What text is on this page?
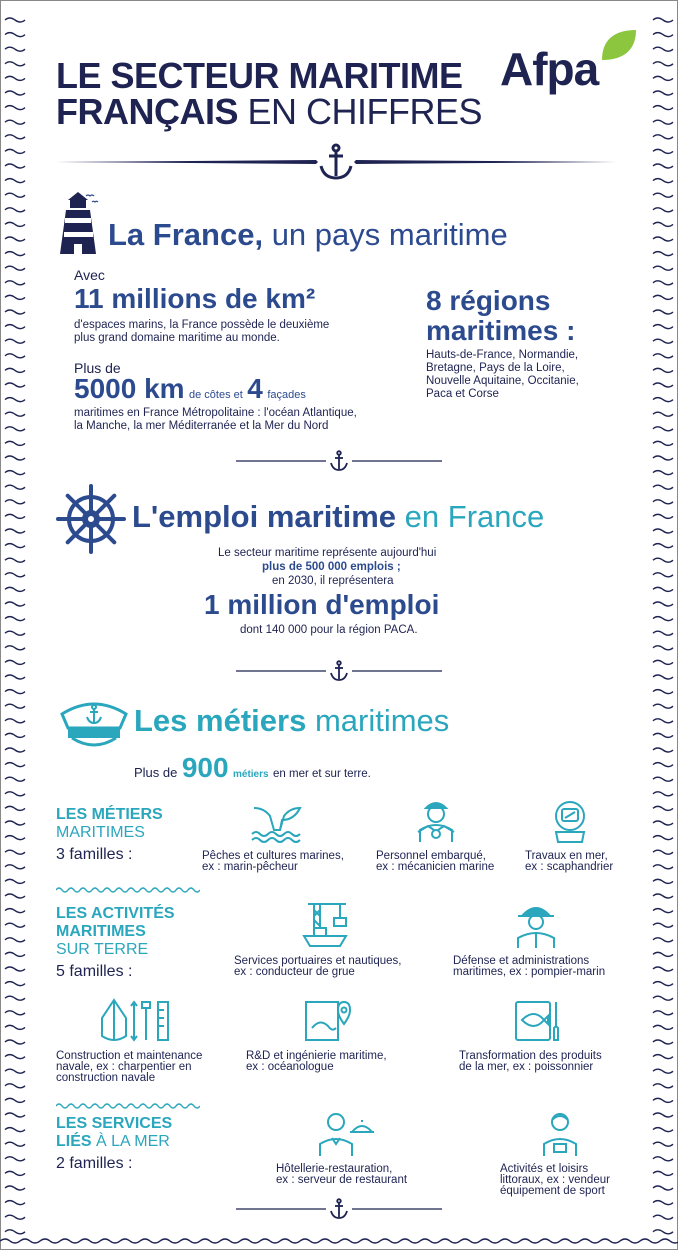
LE SECTEUR MARITIME
FRANÇAIS EN CHIFFRES
Afpa
La France, un pays maritime
Avec
11 millions de km²
d'espaces marins, la France possède le deuxième
plus grand domaine maritime au monde.
Plus de
5000 km de côtes et 4 façades
maritimes en France Métropolitaine : l'océan Atlantique,
la Manche, la mer Méditerranée et la Mer du Nord
8 régions
maritimes :
Hauts-de-France, Normandie,
Bretagne, Pays de la Loire,
Nouvelle Aquitaine, Occitanie,
Paca et Corse
L'emploi maritime en France
Le secteur maritime représente aujourd'hui
plus de 500 000 emplois ;
en 2030, il représentera
1 million d'emploi
dont 140 000 pour la région PACA.
Les métiers maritimes
Plus de 900 métiers en mer et sur terre.
LES MÉTIERS
MARITIMES
3 familles :	Pêches et cultures marines,
ex : marin-pêcheur
Personnel embarqué,
ex : mécanicien marine
Travaux en mer,
ex : scaphandrier
LES ACTIVITÉS
MARITIMES
SUR TERRE
5 familles :
Services portuaires et nautiques,
ex : conducteur de grue
Défense et administrations
maritimes, ex : pompier-marin
Construction et maintenance
navale, ex : charpentier en
construction navale
R&D et ingénierie maritime,
ex : océanologue
Transformation des produits
de la mer, ex : poissonnier
LES SERVICES
LIÉS À LA MER
2 familles :	Hôtellerie-restauration,
ex : serveur de restaurant
Activités et loisirs
littoraux, ex : vendeur
équipement de sport
